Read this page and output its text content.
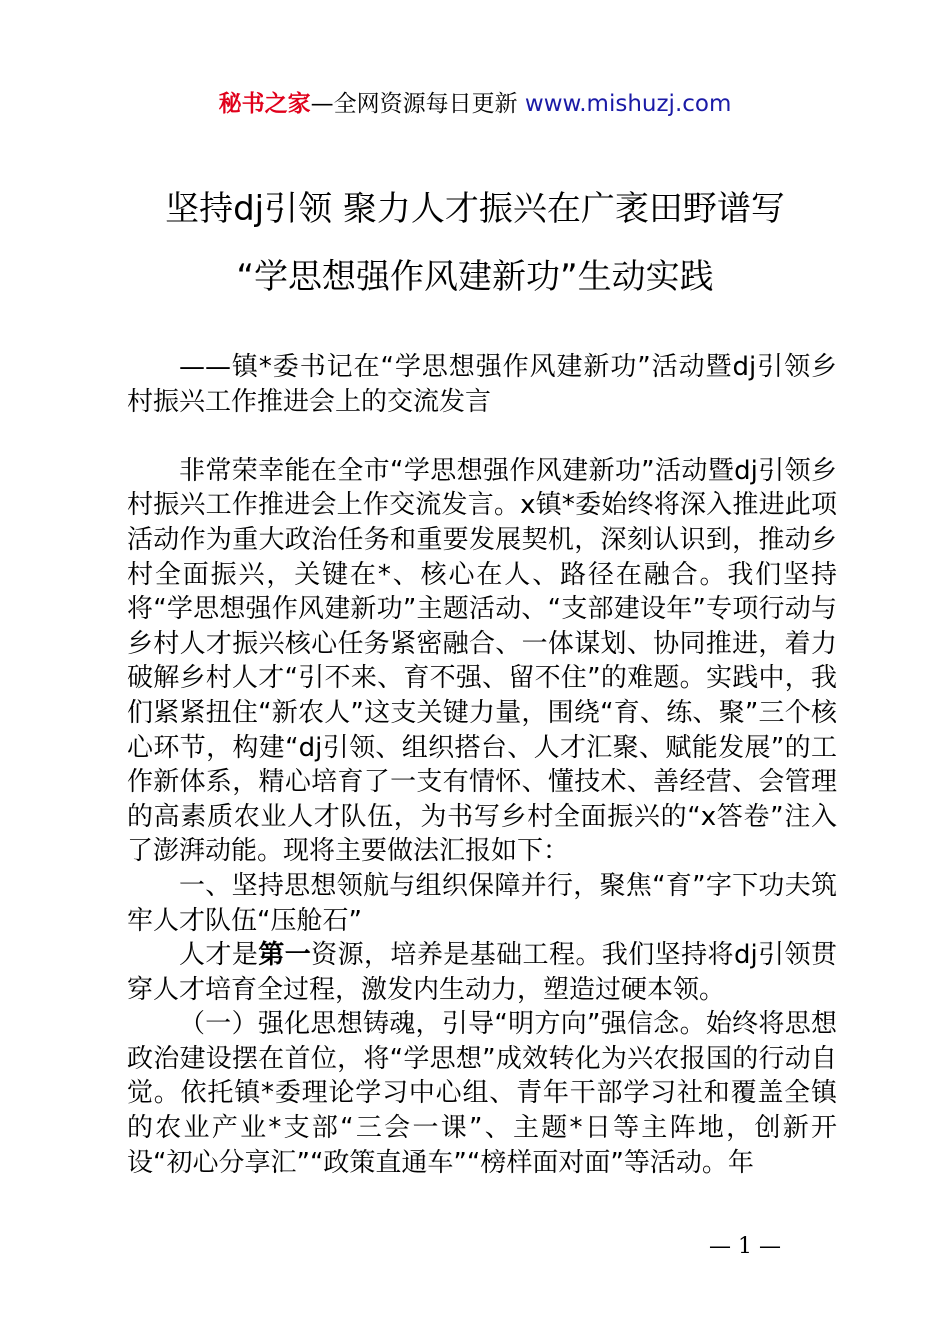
秘书之家—全网资源每日更新 www.mishuzj.com
坚持dj引领 聚力人才振兴在广袤田野谱写
“学思想强作风建新功”生动实践

——镇*委书记在“学思想强作风建新功”活动暨dj引领乡村振兴工作推进会上的交流发言

非常荣幸能在全市“学思想强作风建新功”活动暨dj引领乡村振兴工作推进会上作交流发言。x镇*委始终将深入推进此项活动作为重大政治任务和重要发展契机，深刻认识到，推动乡村全面振兴，关键在*、核心在人、路径在融合。我们坚持将“学思想强作风建新功”主题活动、“支部建设年”专项行动与乡村人才振兴核心任务紧密融合、一体谋划、协同推进，着力破解乡村人才“引不来、育不强、留不住”的难题。实践中，我们紧紧扭住“新农人”这支关键力量，围绕“育、练、聚”三个核心环节，构建“dj引领、组织搭台、人才汇聚、赋能发展”的工作新体系，精心培育了一支有情怀、懂技术、善经营、会管理的高素质农业人才队伍，为书写乡村全面振兴的“x答卷”注入了澎湃动能。现将主要做法汇报如下：

一、坚持思想领航与组织保障并行，聚焦“育”字下功夫筑牢人才队伍“压舱石”

人才是第一资源，培养是基础工程。我们坚持将dj引领贯穿人才培育全过程，激发内生动力，塑造过硬本领。

（一）强化思想铸魂，引导“明方向”强信念。始终将思想政治建设摆在首位，将“学思想”成效转化为兴农报国的行动自觉。依托镇*委理论学习中心组、青年干部学习社和覆盖全镇的农业产业*支部“三会一课”、主题*日等主阵地，创新开设“初心分享汇”“政策直通车”“榜样面对面”等活动。年

— 1 —
